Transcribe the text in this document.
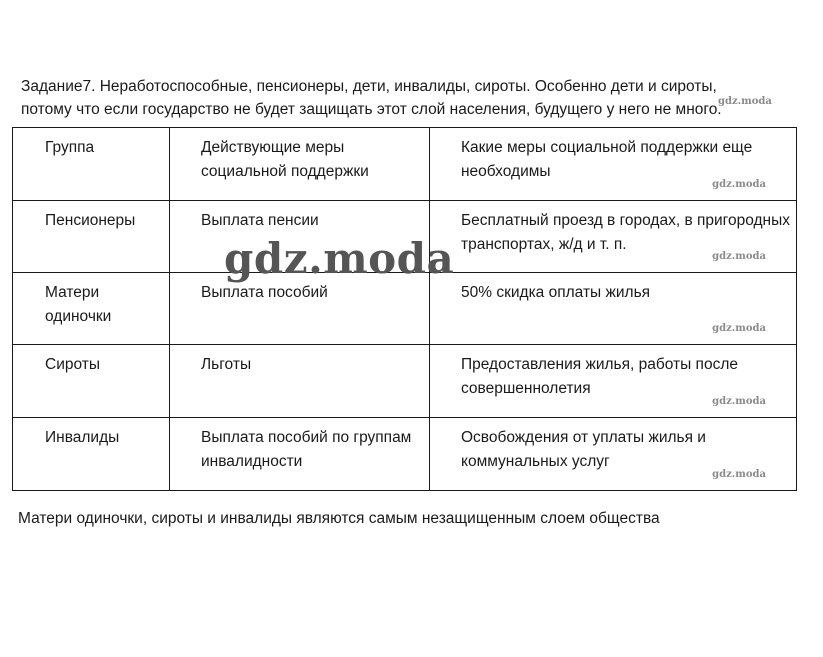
Задание7. Неработоспособные, пенсионеры, дети, инвалиды, сироты. Особенно дети и сироты,

потому что если государство не будет защищать этот слой населения, будущего у него не много.

gdz.moda
Группа	Действующие меры социальной поддержки	Какие меры социальной поддержки еще необходимы
gdz.moda

Пенсионеры	Выплата пенсии	Бесплатный проезд в городах, в пригородных транспортах, ж/д и т. п.
gdz.moda

Матери одиночки	Выплата пособий	50% скидка оплаты жилья
gdz.moda

Сироты	Льготы	Предоставления жилья, работы после совершеннолетия
gdz.moda

Инвалиды	Выплата пособий по группам инвалидности	Освобождения от уплаты жилья и коммунальных услуг
gdz.moda
gdz.moda

Матери одиночки, сироты и инвалиды являются самым незащищенным слоем общества
